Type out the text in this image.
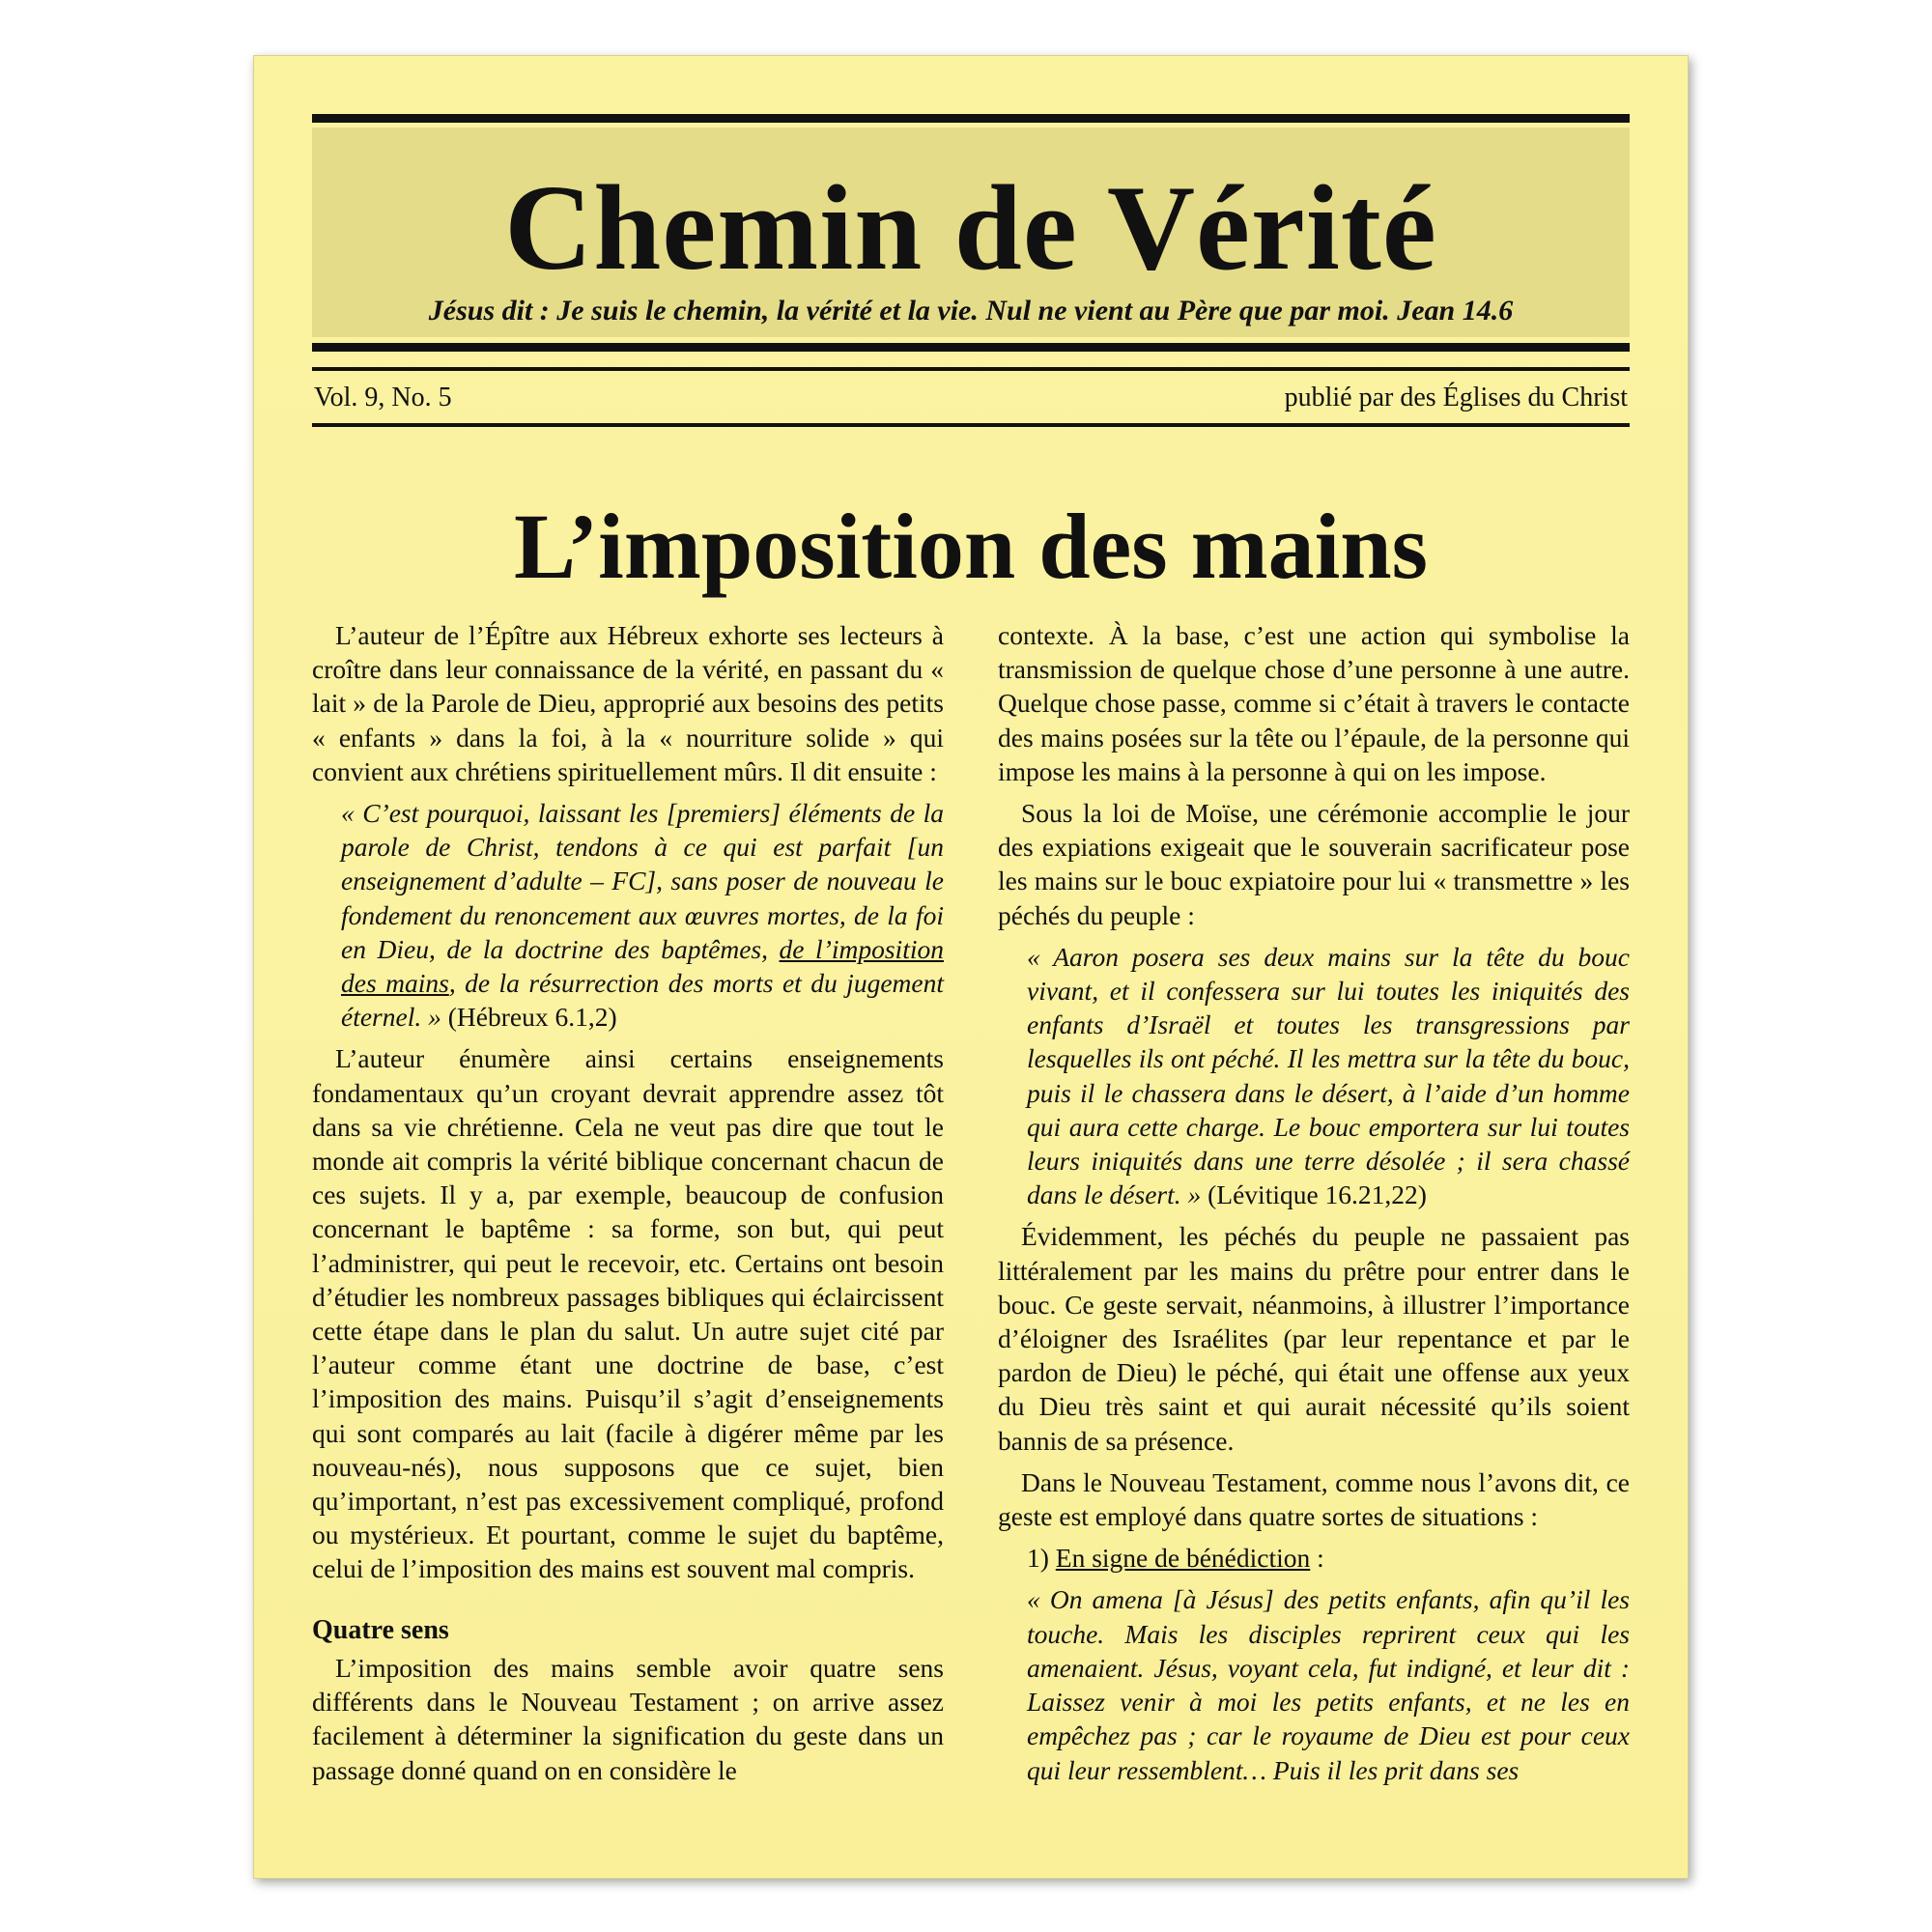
Chemin de Vérité
Jésus dit : Je suis le chemin, la vérité et la vie. Nul ne vient au Père que par moi. Jean 14.6
Vol. 9, No. 5	publié par des Églises du Christ
L’imposition des mains

L’auteur de l’Épître aux Hébreux exhorte ses lecteurs à croître dans leur connaissance de la vérité, en passant du « lait » de la Parole de Dieu, approprié aux besoins des petits « enfants » dans la foi, à la « nourriture solide » qui convient aux chrétiens spirituellement mûrs. Il dit ensuite :

« C’est pourquoi, laissant les [premiers] éléments de la parole de Christ, tendons à ce qui est parfait [un enseignement d’adulte – FC], sans poser de nouveau le fondement du renoncement aux œuvres mortes, de la foi en Dieu, de la doctrine des baptêmes, de l’imposition des mains, de la résurrection des morts et du jugement éternel. » (Hébreux 6.1,2)

L’auteur énumère ainsi certains enseignements fondamentaux qu’un croyant devrait apprendre assez tôt dans sa vie chrétienne. Cela ne veut pas dire que tout le monde ait compris la vérité biblique concernant chacun de ces sujets. Il y a, par exemple, beaucoup de confusion concernant le baptême : sa forme, son but, qui peut l’administrer, qui peut le recevoir, etc. Certains ont besoin d’étudier les nombreux passages bibliques qui éclaircissent cette étape dans le plan du salut. Un autre sujet cité par l’auteur comme étant une doctrine de base, c’est l’imposition des mains. Puisqu’il s’agit d’enseignements qui sont comparés au lait (facile à digérer même par les nouveau-nés), nous supposons que ce sujet, bien qu’important, n’est pas excessivement compliqué, profond ou mystérieux. Et pourtant, comme le sujet du baptême, celui de l’imposition des mains est souvent mal compris.

Quatre sens

L’imposition des mains semble avoir quatre sens différents dans le Nouveau Testament ; on arrive assez facilement à déterminer la signification du geste dans un passage donné quand on en considère le

contexte. À la base, c’est une action qui symbolise la transmission de quelque chose d’une personne à une autre. Quelque chose passe, comme si c’était à travers le contacte des mains posées sur la tête ou l’épaule, de la personne qui impose les mains à la personne à qui on les impose.

Sous la loi de Moïse, une cérémonie accomplie le jour des expiations exigeait que le souverain sacrificateur pose les mains sur le bouc expiatoire pour lui « transmettre » les péchés du peuple :

« Aaron posera ses deux mains sur la tête du bouc vivant, et il confessera sur lui toutes les iniquités des enfants d’Israël et toutes les transgressions par lesquelles ils ont péché. Il les mettra sur la tête du bouc, puis il le chassera dans le désert, à l’aide d’un homme qui aura cette charge. Le bouc emportera sur lui toutes leurs iniquités dans une terre désolée ; il sera chassé dans le désert. » (Lévitique 16.21,22)

Évidemment, les péchés du peuple ne passaient pas littéralement par les mains du prêtre pour entrer dans le bouc. Ce geste servait, néanmoins, à illustrer l’importance d’éloigner des Israélites (par leur repentance et par le pardon de Dieu) le péché, qui était une offense aux yeux du Dieu très saint et qui aurait nécessité qu’ils soient bannis de sa présence.

Dans le Nouveau Testament, comme nous l’avons dit, ce geste est employé dans quatre sortes de situations :

1) En signe de bénédiction :
« On amena [à Jésus] des petits enfants, afin qu’il les touche. Mais les disciples reprirent ceux qui les amenaient. Jésus, voyant cela, fut indigné, et leur dit : Laissez venir à moi les petits enfants, et ne les en empêchez pas ; car le royaume de Dieu est pour ceux qui leur ressemblent… Puis il les prit dans ses
